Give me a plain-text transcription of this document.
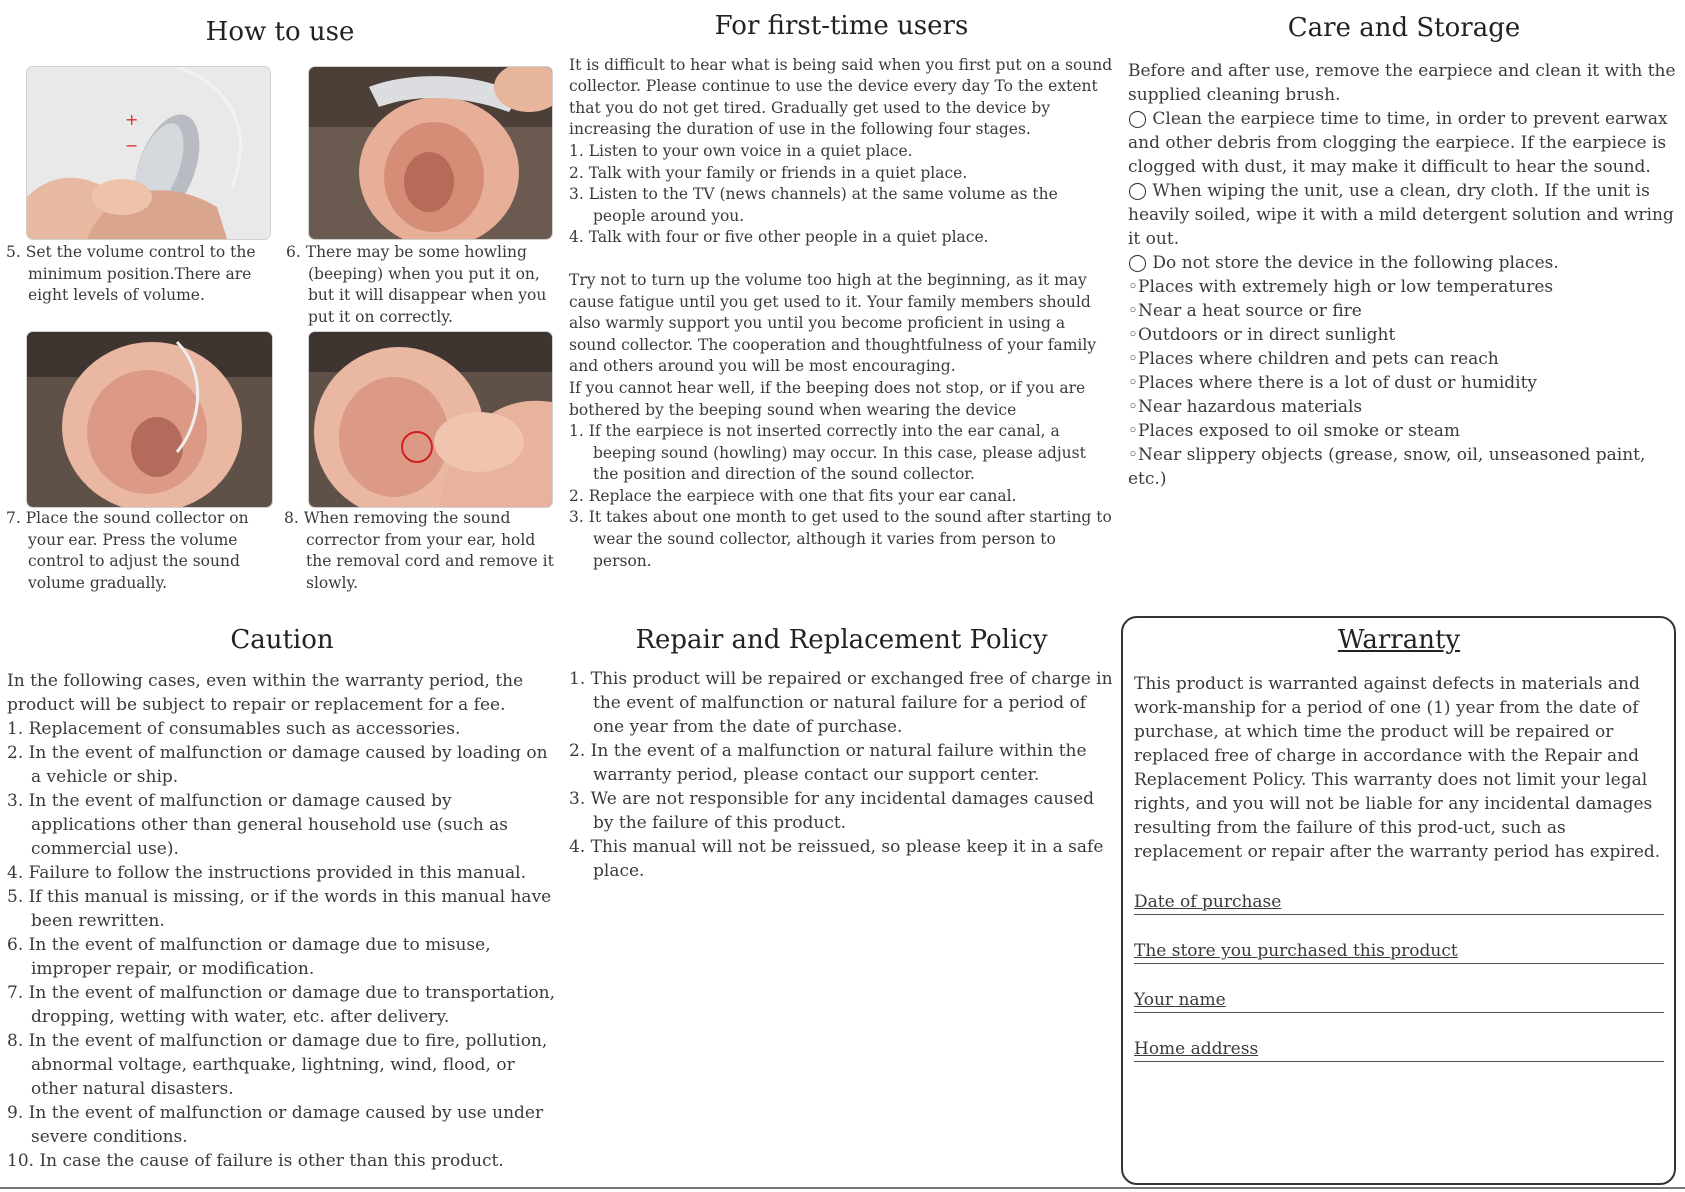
How to use
+
−
5. Set the volume control to the minimum position.There are eight levels of volume.
6. There may be some howling (beeping) when you put it on, but it will disappear when you put it on correctly.
7. Place the sound collector on your ear. Press the volume control to adjust the sound volume gradually.
8. When removing the sound corrector from your ear, hold the removal cord and remove it slowly.
For first-time users

It is difficult to hear what is being said when you first put on a sound collector. Please continue to use the device every day To the extent that you do not get tired. Gradually get used to the device by increasing the duration of use in the following four stages.

1. Listen to your own voice in a quiet place.
2. Talk with your family or friends in a quiet place.
3. Listen to the TV (news channels) at the same volume as the people around you.
4. Talk with four or five other people in a quiet place.

Try not to turn up the volume too high at the beginning, as it may cause fatigue until you get used to it. Your family members should also warmly support you until you become proficient in using a sound collector. The cooperation and thoughtfulness of your family and others around you will be most encouraging.

If you cannot hear well, if the beeping does not stop, or if you are bothered by the beeping sound when wearing the device

1. If the earpiece is not inserted correctly into the ear canal, a beeping sound (howling) may occur. In this case, please adjust the position and direction of the sound collector.
2. Replace the earpiece with one that fits your ear canal.
3. It takes about one month to get used to the sound after starting to wear the sound collector, although it varies from person to person.
Care and Storage

Before and after use, remove the earpiece and clean it with the supplied cleaning brush.

◯ Clean the earpiece time to time, in order to prevent earwax and other debris from clogging the earpiece. If the earpiece is clogged with dust, it may make it difficult to hear the sound.

◯ When wiping the unit, use a clean, dry cloth. If the unit is heavily soiled, wipe it with a mild detergent solution and wring it out.

◯ Do not store the device in the following places.

◦Places with extremely high or low temperatures
◦Near a heat source or fire
◦Outdoors or in direct sunlight
◦Places where children and pets can reach
◦Places where there is a lot of dust or humidity
◦Near hazardous materials
◦Places exposed to oil smoke or steam
◦Near slippery objects (grease, snow, oil, unseasoned paint, etc.)
Caution

In the following cases, even within the warranty period, the product will be subject to repair or replacement for a fee.

1. Replacement of consumables such as accessories.
2. In the event of malfunction or damage caused by loading on a vehicle or ship.
3. In the event of malfunction or damage caused by applications other than general household use (such as commercial use).
4. Failure to follow the instructions provided in this manual.
5. If this manual is missing, or if the words in this manual have been rewritten.
6. In the event of malfunction or damage due to misuse, improper repair, or modification.
7. In the event of malfunction or damage due to transportation, dropping, wetting with water, etc. after delivery.
8. In the event of malfunction or damage due to fire, pollution, abnormal voltage, earthquake, lightning, wind, flood, or other natural disasters.
9. In the event of malfunction or damage caused by use under severe conditions.
10. In case the cause of failure is other than this product.
Repair and Replacement Policy
1. This product will be repaired or exchanged free of charge in the event of malfunction or natural failure for a period of one year from the date of purchase.
2. In the event of a malfunction or natural failure within the warranty period, please contact our support center.
3. We are not responsible for any incidental damages caused by the failure of this product.
4. This manual will not be reissued, so please keep it in a safe place.
Warranty

This product is warranted against defects in materials and work-manship for a period of one (1) year from the date of purchase, at which time the product will be repaired or replaced free of charge in accordance with the Repair and Replacement Policy. This warranty does not limit your legal rights, and you will not be liable for any incidental damages resulting from the failure of this prod-uct, such as replacement or repair after the warranty period has expired.

Date of purchase
The store you purchased this product
Your name
Home address
